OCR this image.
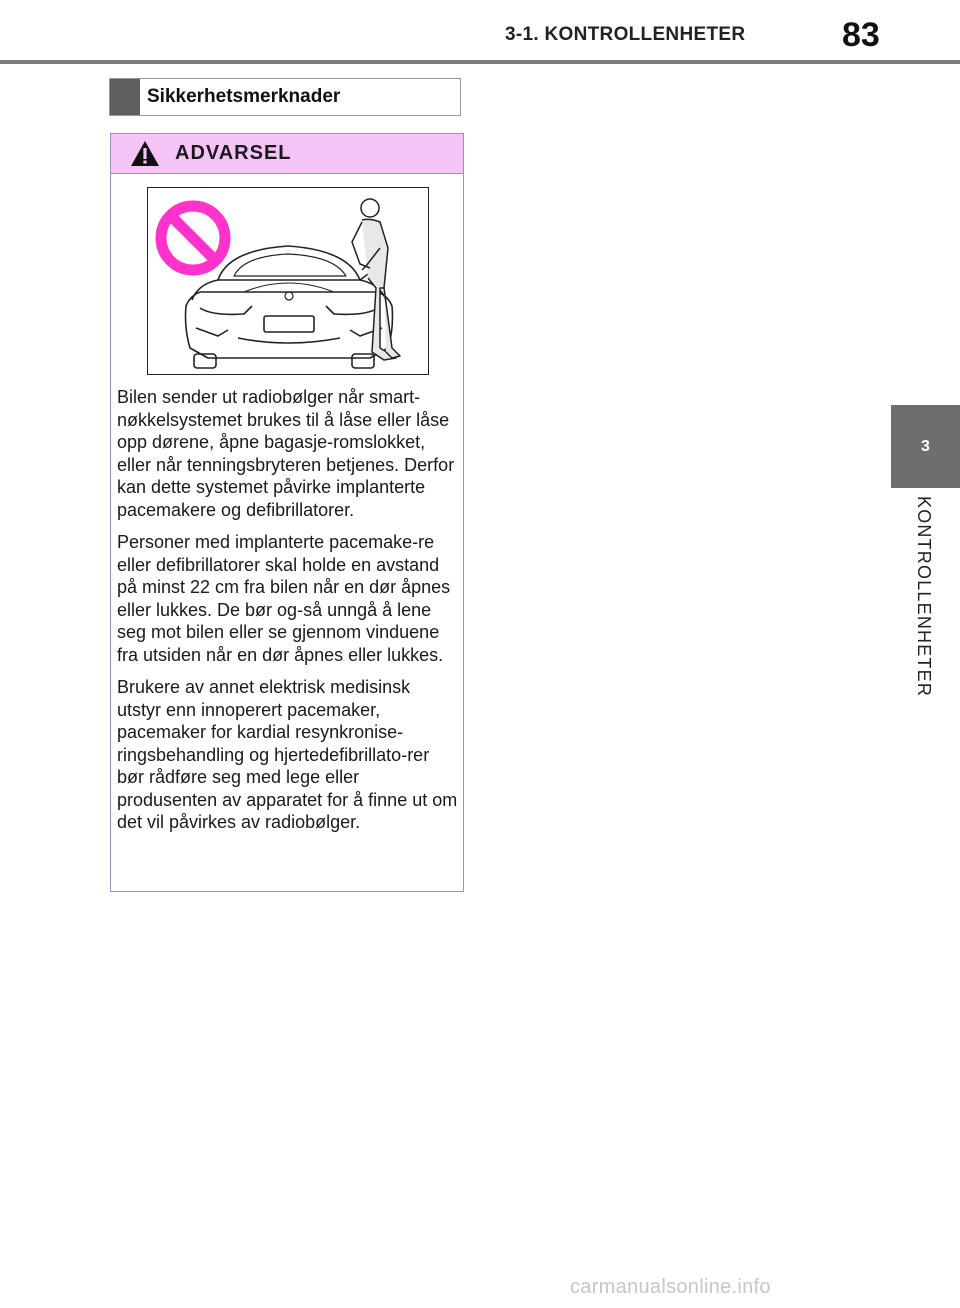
3-1. KONTROLLENHETER	83
3
KONTROLLENHETER
Sikkerhetsmerknader
ADVARSEL

Bilen sender ut radiobølger når smart-nøkkelsystemet brukes til å låse eller låse opp dørene, åpne bagasje-romslokket, eller når tenningsbryteren betjenes. Derfor kan dette systemet påvirke implanterte pacemakere og defibrillatorer.

Personer med implanterte pacemake-re eller defibrillatorer skal holde en avstand på minst 22 cm fra bilen når en dør åpnes eller lukkes. De bør og-så unngå å lene seg mot bilen eller se gjennom vinduene fra utsiden når en dør åpnes eller lukkes.

Brukere av annet elektrisk medisinsk utstyr enn innoperert pacemaker, pacemaker for kardial resynkronise-ringsbehandling og hjertedefibrillato-rer bør rådføre seg med lege eller produsenten av apparatet for å finne ut om det vil påvirkes av radiobølger.

carmanualsonline.info
